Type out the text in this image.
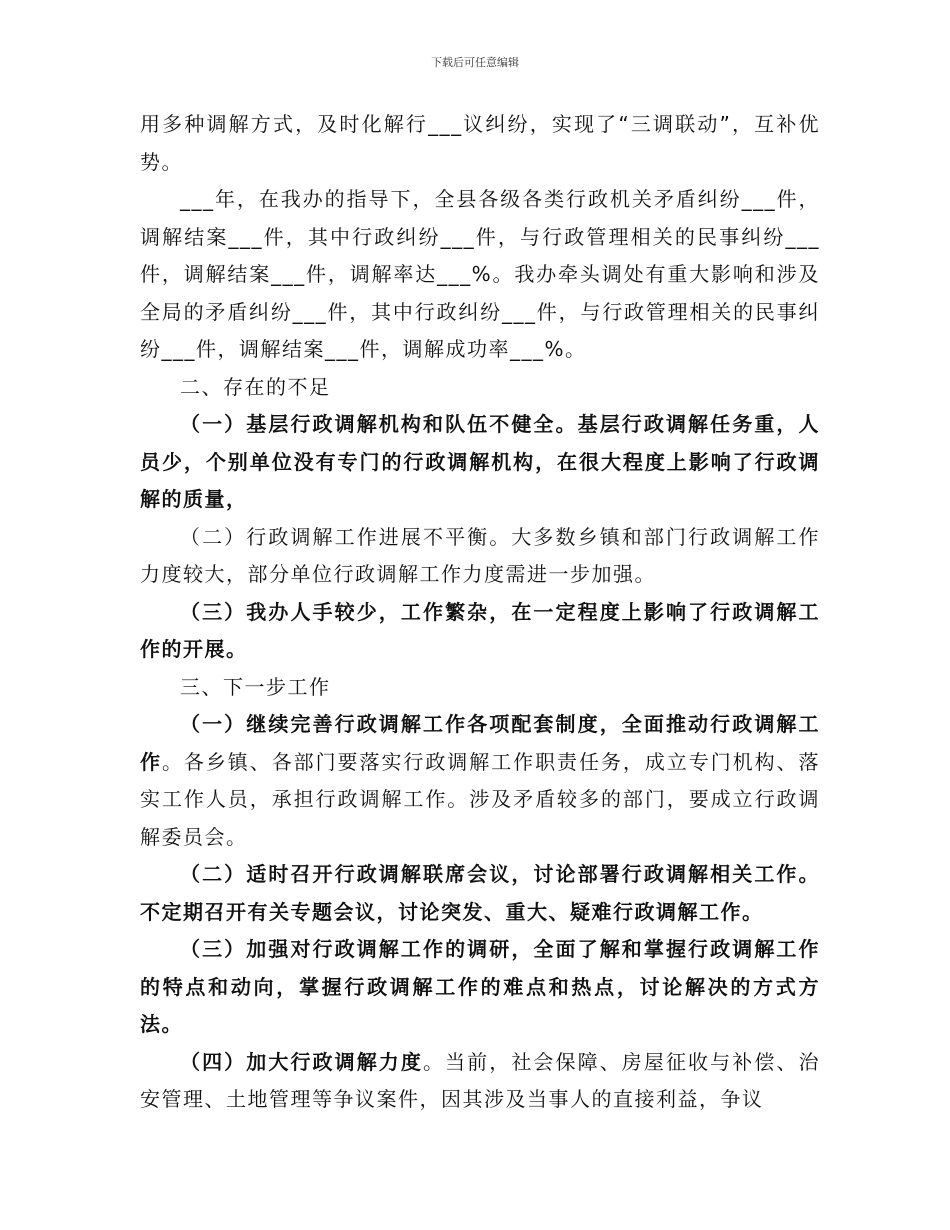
下载后可任意编辑

用多种调解方式，及时化解行___议纠纷，实现了“三调联动”，互补优势。

___年，在我办的指导下，全县各级各类行政机关矛盾纠纷___件，调解结案___件，其中行政纠纷___件，与行政管理相关的民事纠纷___件，调解结案___件，调解率达___%。我办牵头调处有重大影响和涉及全局的矛盾纠纷___件，其中行政纠纷___件，与行政管理相关的民事纠纷___件，调解结案___件，调解成功率___%。

二、存在的不足

（一）基层行政调解机构和队伍不健全。基层行政调解任务重，人员少，个别单位没有专门的行政调解机构，在很大程度上影响了行政调解的质量，

（二）行政调解工作进展不平衡。大多数乡镇和部门行政调解工作力度较大，部分单位行政调解工作力度需进一步加强。

（三）我办人手较少，工作繁杂，在一定程度上影响了行政调解工作的开展。

三、下一步工作

（一）继续完善行政调解工作各项配套制度，全面推动行政调解工作。各乡镇、各部门要落实行政调解工作职责任务，成立专门机构、落实工作人员，承担行政调解工作。涉及矛盾较多的部门，要成立行政调解委员会。

（二）适时召开行政调解联席会议，讨论部署行政调解相关工作。不定期召开有关专题会议，讨论突发、重大、疑难行政调解工作。

（三）加强对行政调解工作的调研，全面了解和掌握行政调解工作的特点和动向，掌握行政调解工作的难点和热点，讨论解决的方式方法。

（四）加大行政调解力度。当前，社会保障、房屋征收与补偿、治安管理、土地管理等争议案件，因其涉及当事人的直接利益，争议
